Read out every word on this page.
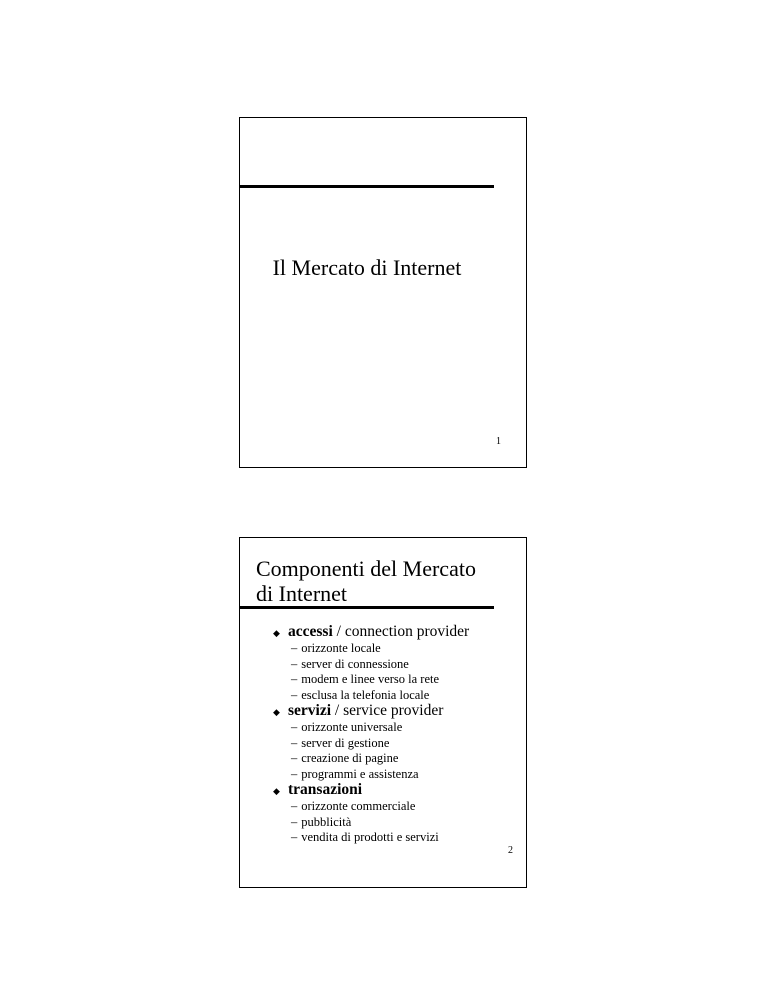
Il Mercato di Internet
1
Componenti del Mercato
di Internet
◆ accessi / connection provider
– orizzonte locale
– server di connessione
– modem e linee verso la rete
– esclusa la telefonia locale
◆ servizi / service provider
– orizzonte universale
– server di gestione
– creazione di pagine
– programmi e assistenza
◆ transazioni
– orizzonte commerciale
– pubblicità
– vendita di prodotti e servizi
2
